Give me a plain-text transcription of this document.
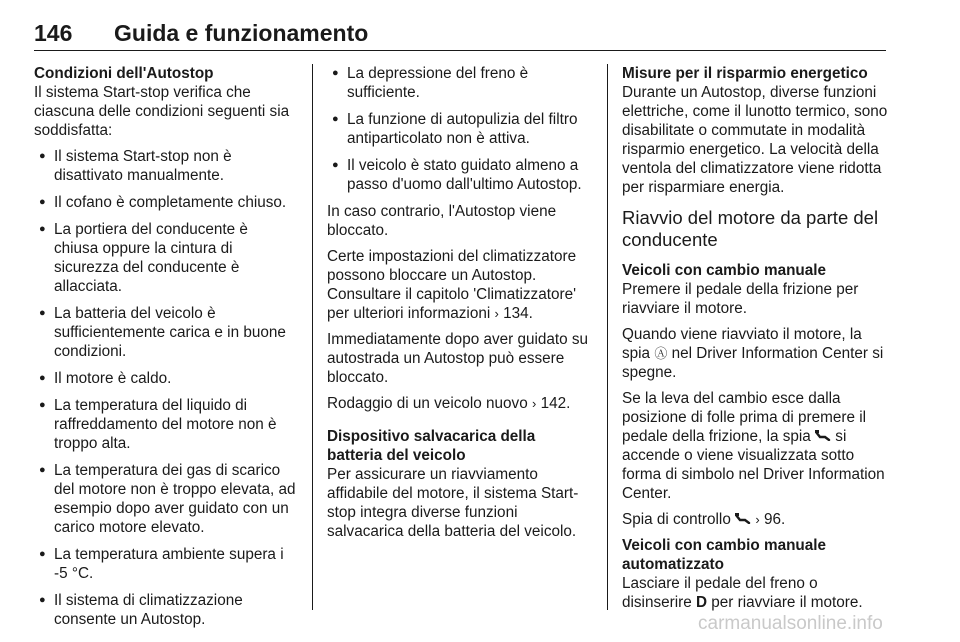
146 Guida e funzionamento

Condizioni dell'Autostop

Il sistema Start-stop verifica che ciascuna delle condizioni seguenti sia soddisfatta:

● Il sistema Start-stop non è disattivato manualmente.
● Il cofano è completamente chiuso.
● La portiera del conducente è chiusa oppure la cintura di sicurezza del conducente è allacciata.
● La batteria del veicolo è sufficientemente carica e in buone condizioni.
● Il motore è caldo.
● La temperatura del liquido di raffreddamento del motore non è troppo alta.
● La temperatura dei gas di scarico del motore non è troppo elevata, ad esempio dopo aver guidato con un carico motore elevato.
● La temperatura ambiente supera i -5 °C.
● Il sistema di climatizzazione consente un Autostop.
● La depressione del freno è sufficiente.
● La funzione di autopulizia del filtro antiparticolato non è attiva.
● Il veicolo è stato guidato almeno a passo d'uomo dall'ultimo Autostop.

In caso contrario, l'Autostop viene bloccato.

Certe impostazioni del climatizzatore possono bloccare un Autostop. Consultare il capitolo 'Climatizzatore' per ulteriori informazioni › 134.

Immediatamente dopo aver guidato su autostrada un Autostop può essere bloccato.

Rodaggio di un veicolo nuovo › 142.

Dispositivo salvacarica della batteria del veicolo

Per assicurare un riavviamento affidabile del motore, il sistema Start-stop integra diverse funzioni salvacarica della batteria del veicolo.

Misure per il risparmio energetico

Durante un Autostop, diverse funzioni elettriche, come il lunotto termico, sono disabilitate o commutate in modalità risparmio energetico. La velocità della ventola del climatizzatore viene ridotta per risparmiare energia.

Riavvio del motore da parte del conducente

Veicoli con cambio manuale

Premere il pedale della frizione per riavviare il motore.

Quando viene riavviato il motore, la spia Ⓐ nel Driver Information Center si spegne.

Se la leva del cambio esce dalla posizione di folle prima di premere il pedale della frizione, la spia si accende o viene visualizzata sotto forma di simbolo nel Driver Information Center.

Spia di controllo › 96.

Veicoli con cambio manuale automatizzato

Lasciare il pedale del freno o disinserire D per riavviare il motore.

carmanualsonline.info
